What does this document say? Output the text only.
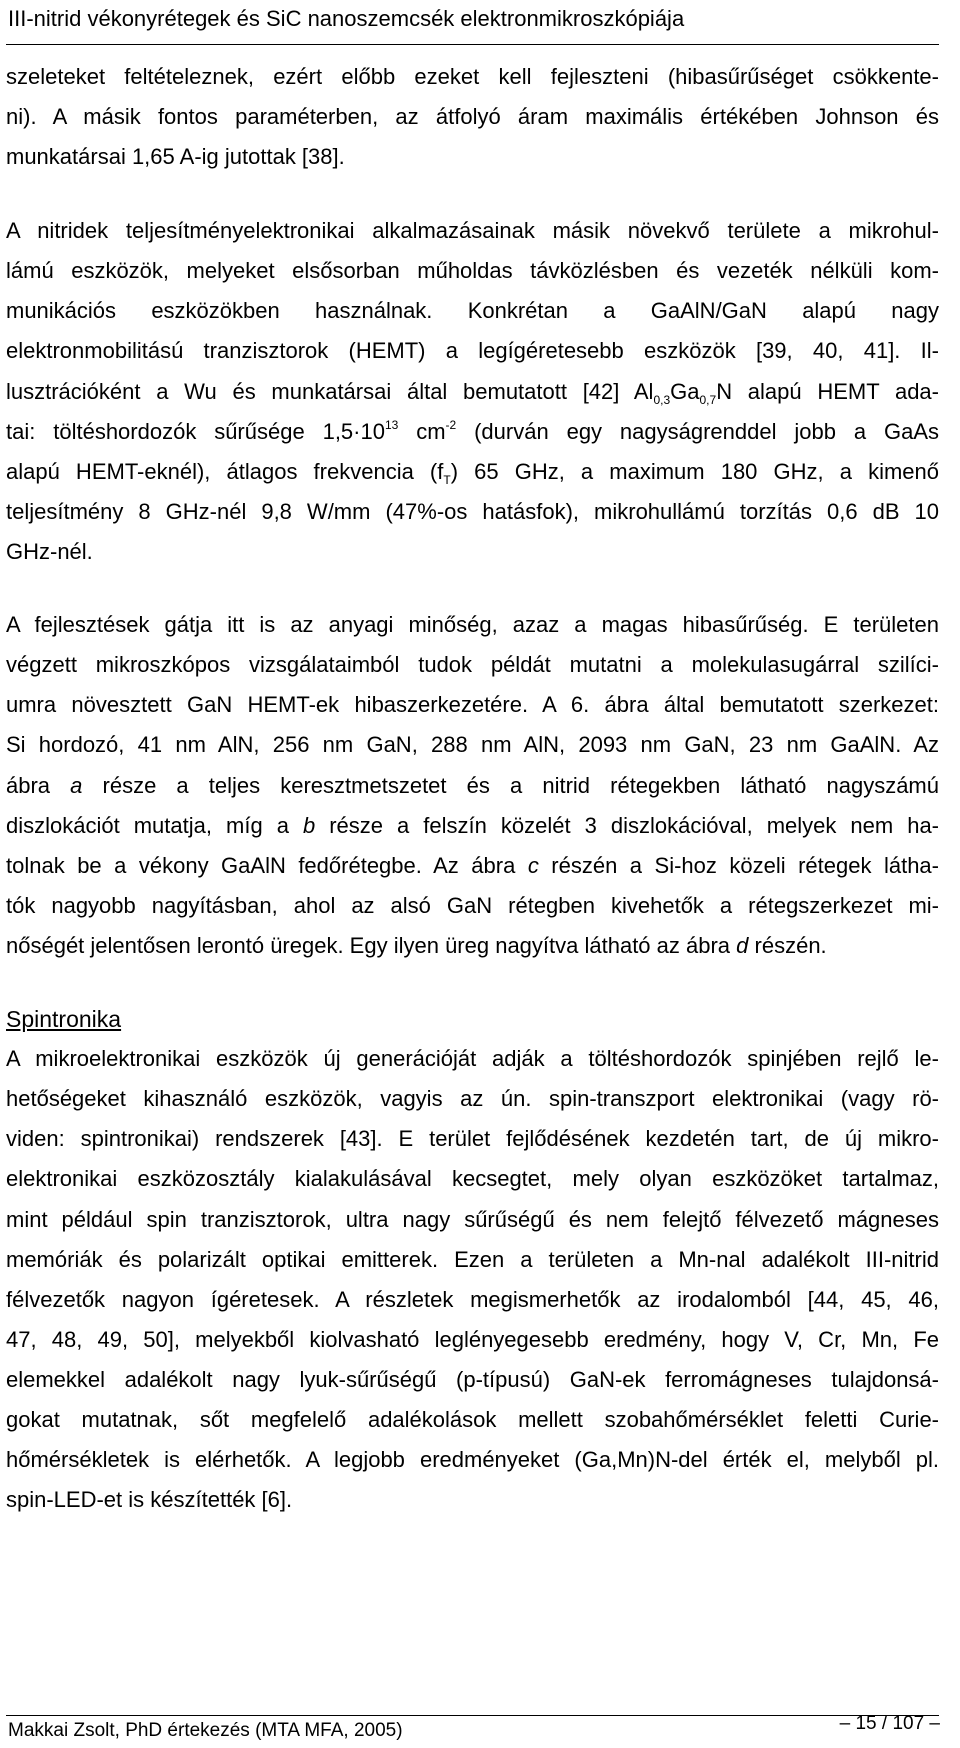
III-nitrid vékonyrétegek és SiC nanoszemcsék elektronmikroszkópiája
szeleteket feltételeznek, ezért előbb ezeket kell fejleszteni (hibasűrűséget csökkente-
ni). A másik fontos paraméterben, az átfolyó áram maximális értékében Johnson és
munkatársai 1,65 A-ig jutottak [38].
A nitridek teljesítményelektronikai alkalmazásainak másik növekvő területe a mikrohul-
lámú eszközök, melyeket elsősorban műholdas távközlésben és vezeték nélküli kom-
munikációs eszközökben használnak. Konkrétan a GaAlN/GaN alapú nagy
elektronmobilitású tranzisztorok (HEMT) a legígéretesebb eszközök [39, 40, 41]. Il-
lusztrációként a Wu és munkatársai által bemutatott [42] $Al_{0,3}Ga_{0,7}N$ alapú HEMT ada-
tai: töltéshordozók sűrűsége $1,5\cdot 10^{13}$ $cm^{-2}$ (durván egy nagyságrenddel jobb a GaAs
alapú HEMT-eknél), átlagos frekvencia $(f_T)$ 65 GHz, a maximum 180 GHz, a kimenő
teljesítmény 8 GHz-nél 9,8 W/mm (47%-os hatásfok), mikrohullámú torzítás 0,6 dB 10
GHz-nél.
A fejlesztések gátja itt is az anyagi minőség, azaz a magas hibasűrűség. E területen
végzett mikroszkópos vizsgálataimból tudok példát mutatni a molekulasugárral szilíci-
umra növesztett GaN HEMT-ek hibaszerkezetére. A 6. ábra által bemutatott szerkezet:
Si hordozó, 41 nm AlN, 256 nm GaN, 288 nm AlN, 2093 nm GaN, 23 nm GaAlN. Az
ábra a része a teljes keresztmetszetet és a nitrid rétegekben látható nagyszámú
diszlokációt mutatja, míg a b része a felszín közelét 3 diszlokációval, melyek nem ha-
tolnak be a vékony GaAlN fedőrétegbe. Az ábra c részén a Si-hoz közeli rétegek látha-
tók nagyobb nagyításban, ahol az alsó GaN rétegben kivehetők a rétegszerkezet mi-
nőségét jelentősen lerontó üregek. Egy ilyen üreg nagyítva látható az ábra d részén.
Spintronika
A mikroelektronikai eszközök új generációját adják a töltéshordozók spinjében rejlő le-
hetőségeket kihasználó eszközök, vagyis az ún. spin-transzport elektronikai (vagy rö-
viden: spintronikai) rendszerek [43]. E terület fejlődésének kezdetén tart, de új mikro-
elektronikai eszközosztály kialakulásával kecsegtet, mely olyan eszközöket tartalmaz,
mint például spin tranzisztorok, ultra nagy sűrűségű és nem felejtő félvezető mágneses
memóriák és polarizált optikai emitterek. Ezen a területen a Mn-nal adalékolt III-nitrid
félvezetők nagyon ígéretesek. A részletek megismerhetők az irodalomból [44, 45, 46,
47, 48, 49, 50], melyekből kiolvasható leglényegesebb eredmény, hogy V, Cr, Mn, Fe
elemekkel adalékolt nagy lyuk-sűrűségű (p-típusú) GaN-ek ferromágneses tulajdonsá-
gokat mutatnak, sőt megfelelő adalékolások mellett szobahőmérséklet feletti Curie-
hőmérsékletek is elérhetők. A legjobb eredményeket (Ga,Mn)N-del érték el, melyből pl.
spin-LED-et is készítették [6].
Makkai Zsolt, PhD értekezés (MTA MFA, 2005)	– 15 / 107 –
